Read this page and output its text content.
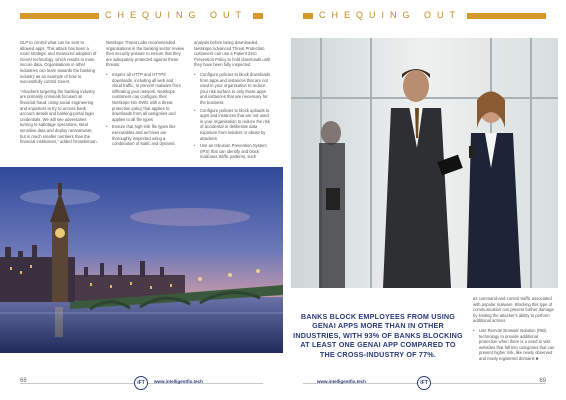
CHEQUING OUT

DLP to control what can be sent to allowed apps. This attack has been a more strategic and measured adoption of GenAI technology, which results in more secure data. Organisations in other industries can learn towards the banking industry as an example of how to successfully control GenAI.

“Attackers targeting the banking industry are primarily criminals focused on financial fraud, using social engineering and impostors to try to access bank account details and banking-portal login credentials. We will see adversaries turning to sabotage operations, steal sensitive data and deploy ransomware, but in much smaller numbers than the financial institutions,” added Grosskeman.

Netskope Threat Labs recommended organisations in the banking sector review their security posture to ensure that they are adequately protected against these threats:

• Inspect all HTTP and HTTPS downloads, including all web and cloud traffic, to prevent malware from infiltrating your network. Netskope customers can configure their Netskope NG-SWG with a threat protection policy that applies to downloads from all categories and applies to all file types
• Ensure that high-risk file types like executables and archives are thoroughly inspected using a combination of static and dynamic

analysis before being downloaded. Netskope Advanced Threat Protection customers can use a Patient Zero Prevention Policy to hold downloads until they have been fully inspected

• Configure policies to block downloads from apps and instances that are not used in your organisation to reduce your risk surface to only those apps and instances that are necessary for the business
• Configure policies to block uploads to apps and instances that are not used in your organisation to reduce the risk of accidental or deliberate data exposure from insiders or abuse by attackers
• Use an Intrusion Prevention System (IPS) that can identify and block malicious traffic patterns, such
68	iFT	www.intelligentfin.tech
CHEQUING OUT
BANKS BLOCK EMPLOYEES FROM USING GENAI APPS MORE THAN IN OTHER INDUSTRIES, WITH 93% OF BANKS BLOCKING AT LEAST ONE GENAI APP COMPARED TO THE CROSS-INDUSTRY OF 77%.

as command-and-control traffic associated with popular malware. Blocking this type of communication can prevent further damage by limiting the attacker's ability to perform additional actions

• Use Remote Browser Isolation (RBI) technology to provide additional protection when there is a need to visit websites that fall into categories that can present higher risk, like newly observed and newly registered domains ■
www.intelligentfin.tech	iFT	69
